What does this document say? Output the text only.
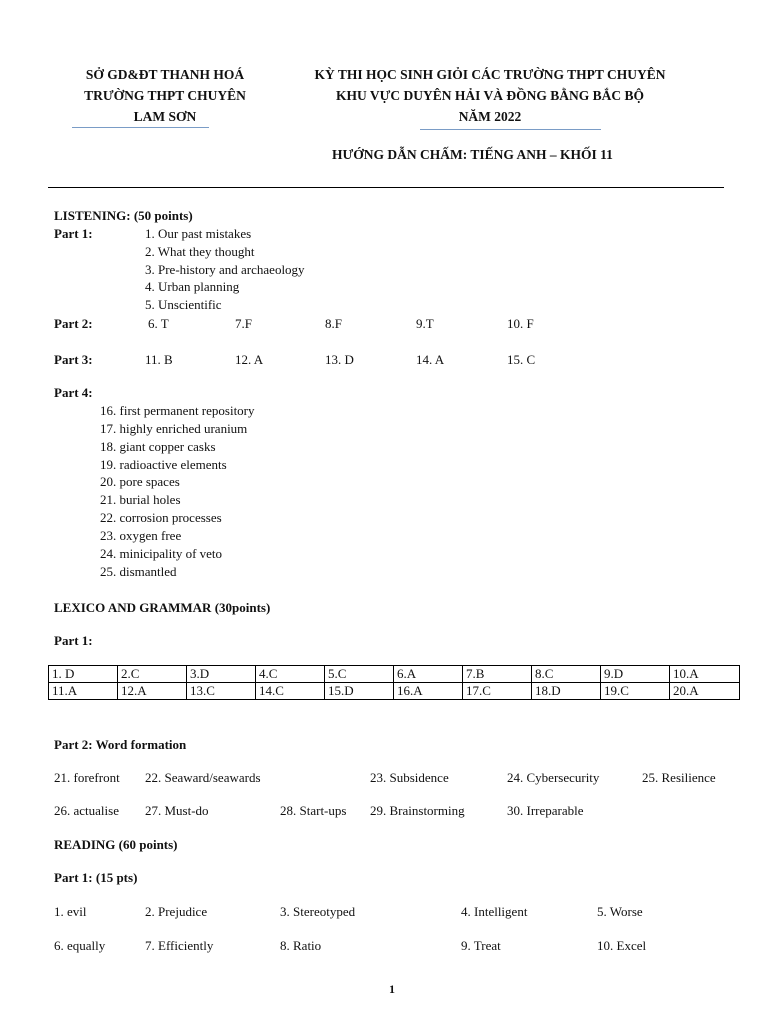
SỞ GD&ĐT THANH HOÁ
TRƯỜNG THPT CHUYÊN
LAM SƠN
KỲ THI HỌC SINH GIỎI CÁC TRƯỜNG THPT CHUYÊN
KHU VỰC DUYÊN HẢI VÀ ĐỒNG BẰNG BẮC BỘ
NĂM 2022
HƯỚNG DẪN CHẤM: TIẾNG ANH – KHỐI 11
LISTENING: (50 points)
Part 1:	1. Our past mistakes
2. What they thought
3. Pre-history and archaeology
4. Urban planning
5. Unscientific
Part 2:	6. T	7.F	8.F	9.T	10. F
Part 3:	11. B	12. A	13. D	14. A	15. C
Part 4:
16. first permanent repository
17. highly enriched uranium
18. giant copper casks
19. radioactive elements
20. pore spaces
21. burial holes
22. corrosion processes
23. oxygen free
24. minicipality of veto
25. dismantled
LEXICO AND GRAMMAR (30points)
Part 1:
1. D	2.C	3.D	4.C	5.C	6.A	7.B	8.C	9.D	10.A
11.A	12.A	13.C	14.C	15.D	16.A	17.C	18.D	19.C	20.A
Part 2: Word formation
21. forefront 22. Seaward/seawards	23. Subsidence	24. Cybersecurity	25. Resilience
26. actualise 27. Must-do	28. Start-ups 29. Brainstorming	30. Irreparable
READING (60 points)
Part 1: (15 pts)
1. evil	2. Prejudice	3. Stereotyped	4. Intelligent	5. Worse
6. equally	7. Efficiently	8. Ratio	9. Treat	10. Excel
1
